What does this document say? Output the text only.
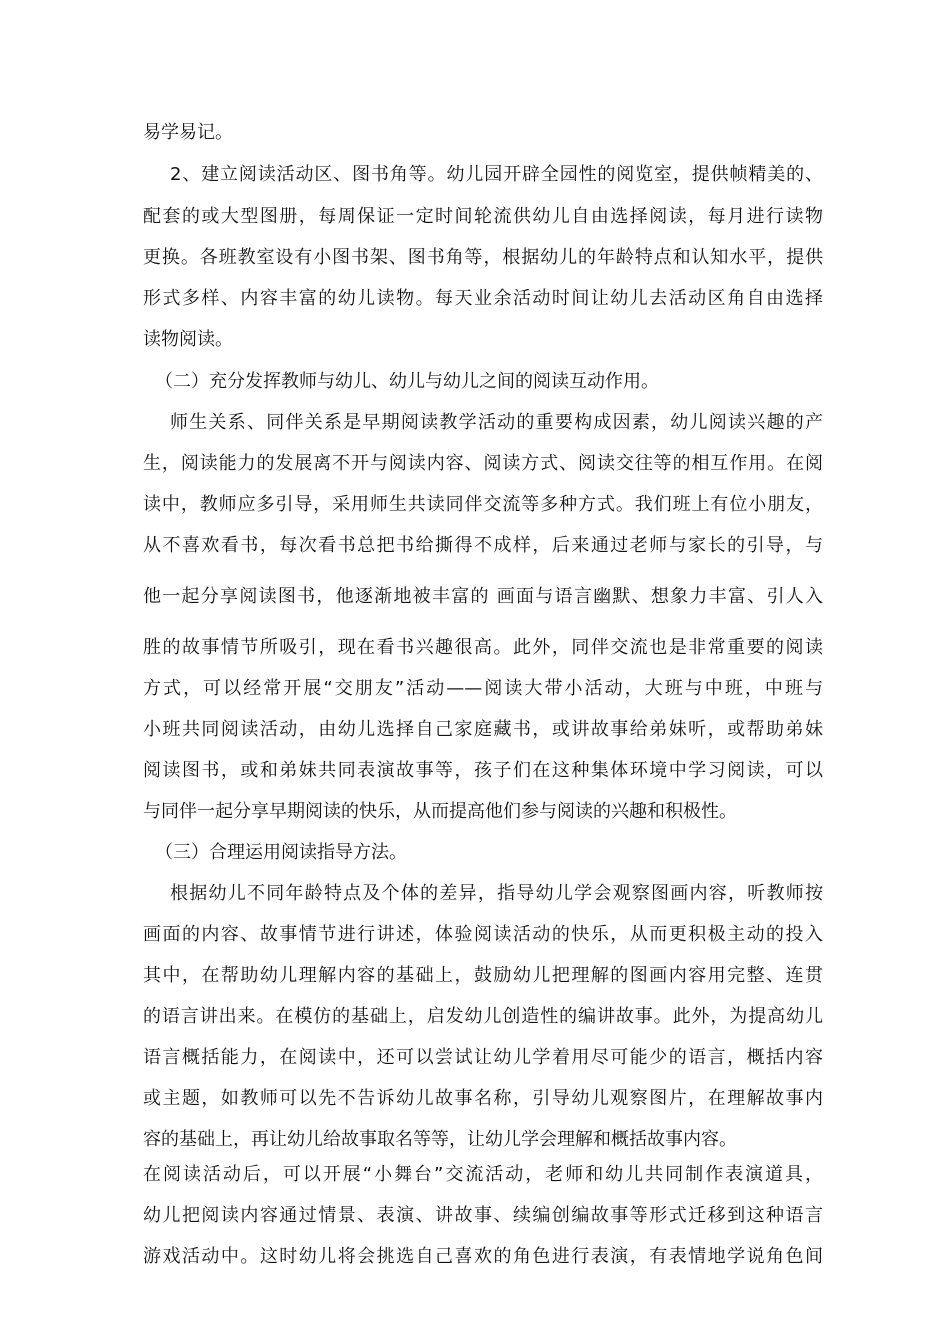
易学易记。
2、建立阅读活动区、图书角等。幼儿园开辟全园性的阅览室，提供帧精美的、
配套的或大型图册，每周保证一定时间轮流供幼儿自由选择阅读，每月进行读物
更换。各班教室设有小图书架、图书角等，根据幼儿的年龄特点和认知水平，提供
形式多样、内容丰富的幼儿读物。每天业余活动时间让幼儿去活动区角自由选择
读物阅读。
（二）充分发挥教师与幼儿、幼儿与幼儿之间的阅读互动作用。
师生关系、同伴关系是早期阅读教学活动的重要构成因素，幼儿阅读兴趣的产
生，阅读能力的发展离不开与阅读内容、阅读方式、阅读交往等的相互作用。在阅
读中，教师应多引导，采用师生共读同伴交流等多种方式。我们班上有位小朋友，
从不喜欢看书，每次看书总把书给撕得不成样，后来通过老师与家长的引导，与
他一起分享阅读图书，他逐渐地被丰富的 画面与语言幽默、想象力丰富、引人入
胜的故事情节所吸引，现在看书兴趣很高。此外，同伴交流也是非常重要的阅读
方式，可以经常开展“交朋友”活动——阅读大带小活动，大班与中班，中班与
小班共同阅读活动，由幼儿选择自己家庭藏书，或讲故事给弟妹听，或帮助弟妹
阅读图书，或和弟妹共同表演故事等，孩子们在这种集体环境中学习阅读，可以
与同伴一起分享早期阅读的快乐，从而提高他们参与阅读的兴趣和积极性。
（三）合理运用阅读指导方法。
根据幼儿不同年龄特点及个体的差异，指导幼儿学会观察图画内容，听教师按
画面的内容、故事情节进行讲述，体验阅读活动的快乐，从而更积极主动的投入
其中，在帮助幼儿理解内容的基础上，鼓励幼儿把理解的图画内容用完整、连贯
的语言讲出来。在模仿的基础上，启发幼儿创造性的编讲故事。此外，为提高幼儿
语言概括能力，在阅读中，还可以尝试让幼儿学着用尽可能少的语言，概括内容
或主题，如教师可以先不告诉幼儿故事名称，引导幼儿观察图片，在理解故事内
容的基础上，再让幼儿给故事取名等等，让幼儿学会理解和概括故事内容。
在阅读活动后，可以开展“小舞台”交流活动，老师和幼儿共同制作表演道具，
幼儿把阅读内容通过情景、表演、讲故事、续编创编故事等形式迁移到这种语言
游戏活动中。这时幼儿将会挑选自己喜欢的角色进行表演，有表情地学说角色间
